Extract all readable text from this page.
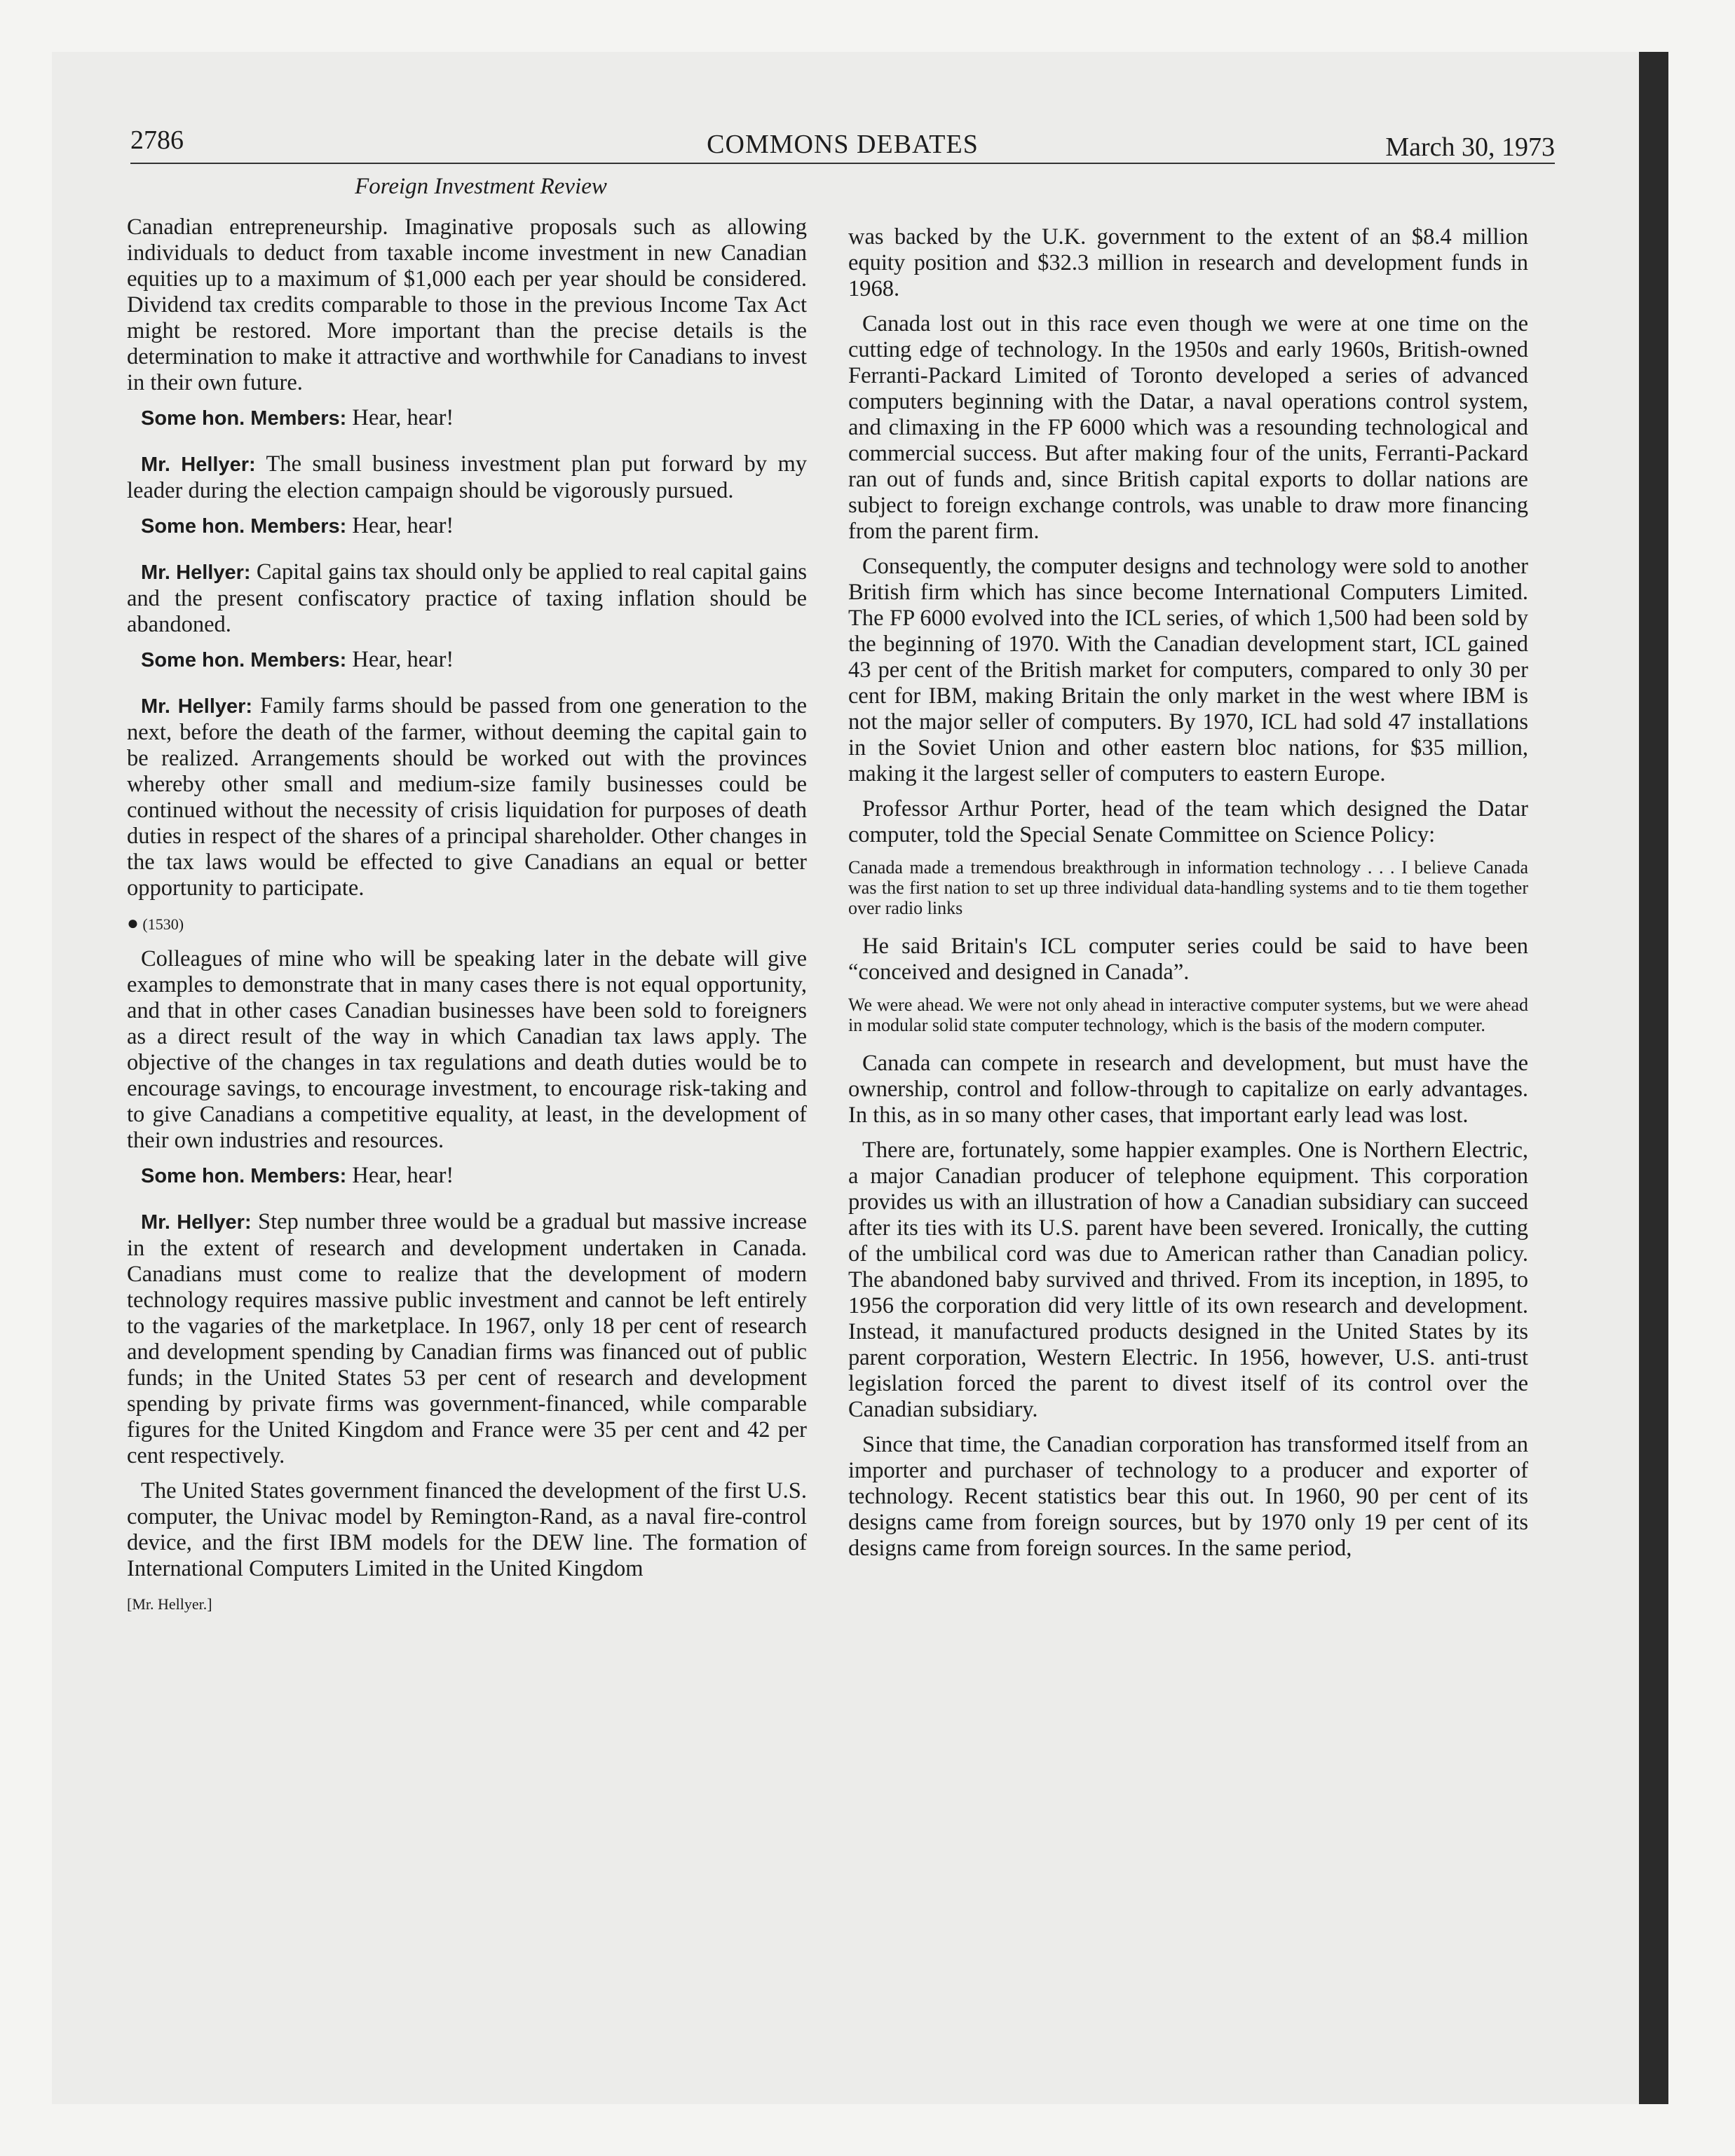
2786	COMMONS DEBATES	March 30, 1973
Foreign Investment Review

Canadian entrepreneurship. Imaginative proposals such as allowing individuals to deduct from taxable income investment in new Canadian equities up to a maximum of $1,000 each per year should be considered. Dividend tax credits comparable to those in the previous Income Tax Act might be restored. More important than the precise details is the determination to make it attractive and worthwhile for Canadians to invest in their own future.

Some hon. Members: Hear, hear!

Mr. Hellyer: The small business investment plan put forward by my leader during the election campaign should be vigorously pursued.

Some hon. Members: Hear, hear!

Mr. Hellyer: Capital gains tax should only be applied to real capital gains and the present confiscatory practice of taxing inflation should be abandoned.

Some hon. Members: Hear, hear!

Mr. Hellyer: Family farms should be passed from one generation to the next, before the death of the farmer, without deeming the capital gain to be realized. Arrangements should be worked out with the provinces whereby other small and medium-size family businesses could be continued without the necessity of crisis liquidation for purposes of death duties in respect of the shares of a principal shareholder. Other changes in the tax laws would be effected to give Canadians an equal or better opportunity to participate.

● (1530)

Colleagues of mine who will be speaking later in the debate will give examples to demonstrate that in many cases there is not equal opportunity, and that in other cases Canadian businesses have been sold to foreigners as a direct result of the way in which Canadian tax laws apply. The objective of the changes in tax regulations and death duties would be to encourage savings, to encourage investment, to encourage risk-taking and to give Canadians a competitive equality, at least, in the development of their own industries and resources.

Some hon. Members: Hear, hear!

Mr. Hellyer: Step number three would be a gradual but massive increase in the extent of research and development undertaken in Canada. Canadians must come to realize that the development of modern technology requires massive public investment and cannot be left entirely to the vagaries of the marketplace. In 1967, only 18 per cent of research and development spending by Canadian firms was financed out of public funds; in the United States 53 per cent of research and development spending by private firms was government-financed, while comparable figures for the United Kingdom and France were 35 per cent and 42 per cent respectively.

The United States government financed the development of the first U.S. computer, the Univac model by Remington-Rand, as a naval fire-control device, and the first IBM models for the DEW line. The formation of International Computers Limited in the United Kingdom

[Mr. Hellyer.]

was backed by the U.K. government to the extent of an $8.4 million equity position and $32.3 million in research and development funds in 1968.

Canada lost out in this race even though we were at one time on the cutting edge of technology. In the 1950s and early 1960s, British-owned Ferranti-Packard Limited of Toronto developed a series of advanced computers beginning with the Datar, a naval operations control system, and climaxing in the FP 6000 which was a resounding technological and commercial success. But after making four of the units, Ferranti-Packard ran out of funds and, since British capital exports to dollar nations are subject to foreign exchange controls, was unable to draw more financing from the parent firm.

Consequently, the computer designs and technology were sold to another British firm which has since become International Computers Limited. The FP 6000 evolved into the ICL series, of which 1,500 had been sold by the beginning of 1970. With the Canadian development start, ICL gained 43 per cent of the British market for computers, compared to only 30 per cent for IBM, making Britain the only market in the west where IBM is not the major seller of computers. By 1970, ICL had sold 47 installations in the Soviet Union and other eastern bloc nations, for $35 million, making it the largest seller of computers to eastern Europe.

Professor Arthur Porter, head of the team which designed the Datar computer, told the Special Senate Committee on Science Policy:

Canada made a tremendous breakthrough in information technology . . . I believe Canada was the first nation to set up three individual data-handling systems and to tie them together over radio links

He said Britain's ICL computer series could be said to have been “conceived and designed in Canada”.

We were ahead. We were not only ahead in interactive computer systems, but we were ahead in modular solid state computer technology, which is the basis of the modern computer.

Canada can compete in research and development, but must have the ownership, control and follow-through to capitalize on early advantages. In this, as in so many other cases, that important early lead was lost.

There are, fortunately, some happier examples. One is Northern Electric, a major Canadian producer of telephone equipment. This corporation provides us with an illustration of how a Canadian subsidiary can succeed after its ties with its U.S. parent have been severed. Ironically, the cutting of the umbilical cord was due to American rather than Canadian policy. The abandoned baby survived and thrived. From its inception, in 1895, to 1956 the corporation did very little of its own research and development. Instead, it manufactured products designed in the United States by its parent corporation, Western Electric. In 1956, however, U.S. anti-trust legislation forced the parent to divest itself of its control over the Canadian subsidiary.

Since that time, the Canadian corporation has transformed itself from an importer and purchaser of technology to a producer and exporter of technology. Recent statistics bear this out. In 1960, 90 per cent of its designs came from foreign sources, but by 1970 only 19 per cent of its designs came from foreign sources. In the same period,
